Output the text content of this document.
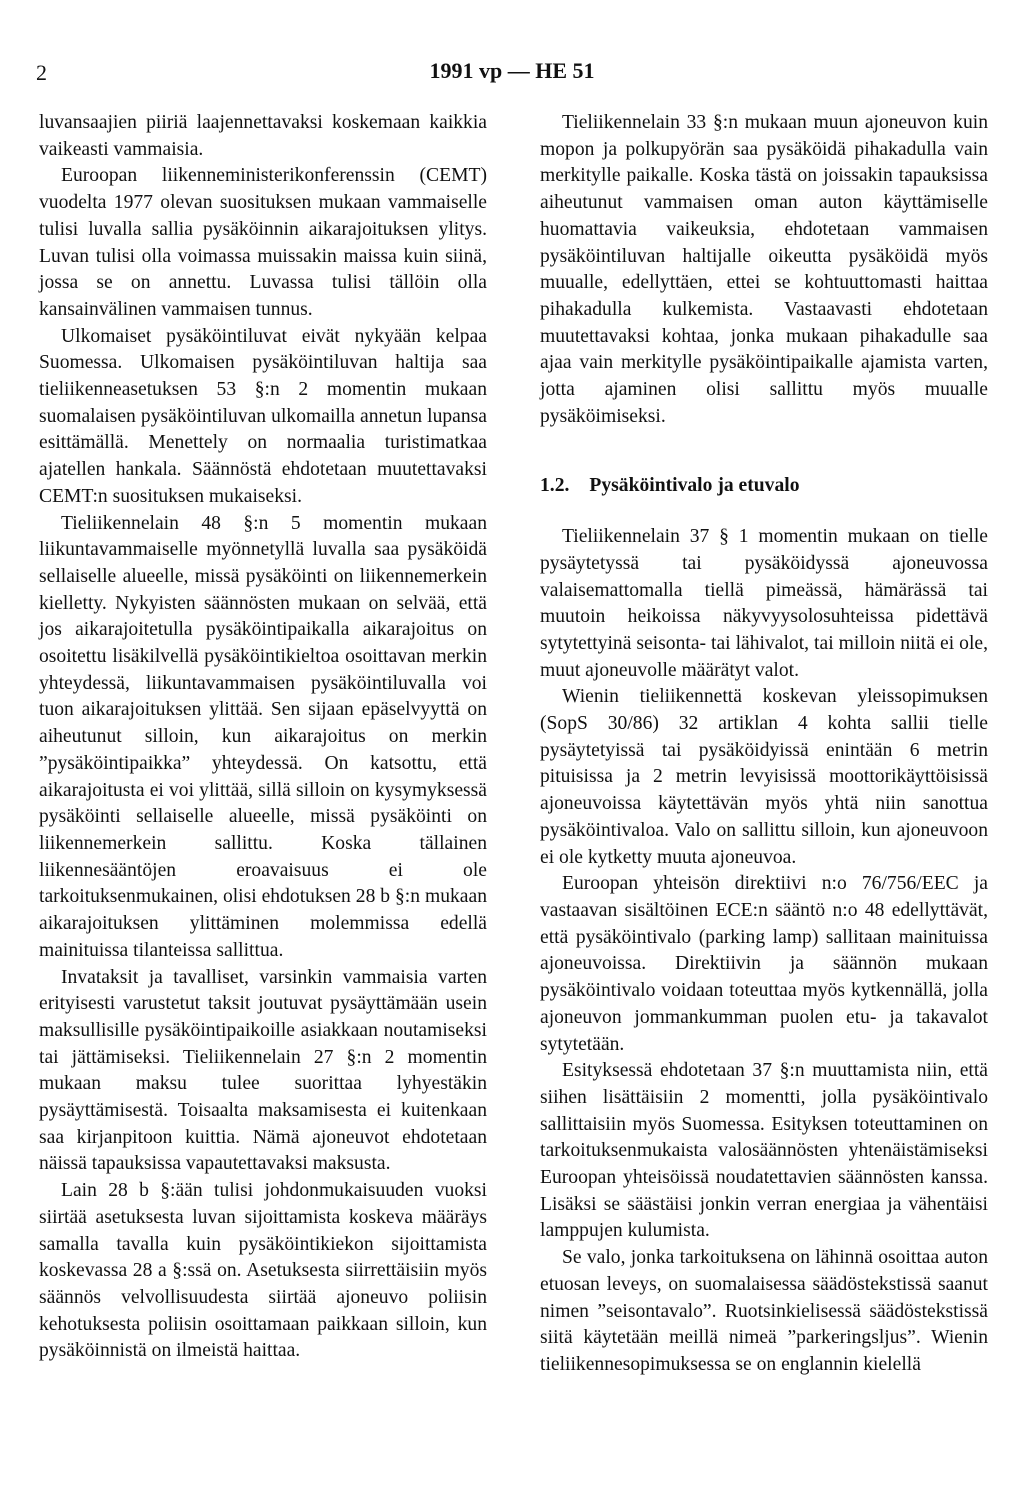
2	1991 vp — HE 51

luvansaajien piiriä laajennettavaksi koskemaan kaikkia vaikeasti vammaisia.

Euroopan liikenneministerikonferenssin (CEMT) vuodelta 1977 olevan suosituksen mukaan vammaiselle tulisi luvalla sallia pysäköinnin aikarajoituksen ylitys. Luvan tulisi olla voimassa muissakin maissa kuin siinä, jossa se on annettu. Luvassa tulisi tällöin olla kansainvälinen vammaisen tunnus.

Ulkomaiset pysäköintiluvat eivät nykyään kelpaa Suomessa. Ulkomaisen pysäköintiluvan haltija saa tieliikenneasetuksen 53 §:n 2 momentin mukaan suomalaisen pysäköintiluvan ulkomailla annetun lupansa esittämällä. Menettely on normaalia turistimatkaa ajatellen hankala. Säännöstä ehdotetaan muutettavaksi CEMT:n suosituksen mukaiseksi.

Tieliikennelain 48 §:n 5 momentin mukaan liikuntavammaiselle myönnetyllä luvalla saa pysäköidä sellaiselle alueelle, missä pysäköinti on liikennemerkein kielletty. Nykyisten säännösten mukaan on selvää, että jos aikarajoitetulla pysäköintipaikalla aikarajoitus on osoitettu lisäkilvellä pysäköintikieltoa osoittavan merkin yhteydessä, liikuntavammaisen pysäköintiluvalla voi tuon aikarajoituksen ylittää. Sen sijaan epäselvyyttä on aiheutunut silloin, kun aikarajoitus on merkin ”pysäköintipaikka” yhteydessä. On katsottu, että aikarajoitusta ei voi ylittää, sillä silloin on kysymyksessä pysäköinti sellaiselle alueelle, missä pysäköinti on liikennemerkein sallittu. Koska tällainen liikennesääntöjen eroavaisuus ei ole tarkoituksenmukainen, olisi ehdotuksen 28 b §:n mukaan aikarajoituksen ylittäminen molemmissa edellä mainituissa tilanteissa sallittua.

Invataksit ja tavalliset, varsinkin vammaisia varten erityisesti varustetut taksit joutuvat pysäyttämään usein maksullisille pysäköintipaikoille asiakkaan noutamiseksi tai jättämiseksi. Tieliikennelain 27 §:n 2 momentin mukaan maksu tulee suorittaa lyhyestäkin pysäyttämisestä. Toisaalta maksamisesta ei kuitenkaan saa kirjanpitoon kuittia. Nämä ajoneuvot ehdotetaan näissä tapauksissa vapautettavaksi maksusta.

Lain 28 b §:ään tulisi johdonmukaisuuden vuoksi siirtää asetuksesta luvan sijoittamista koskeva määräys samalla tavalla kuin pysäköintikiekon sijoittamista koskevassa 28 a §:ssä on. Asetuksesta siirrettäisiin myös säännös velvollisuudesta siirtää ajoneuvo poliisin kehotuksesta poliisin osoittamaan paikkaan silloin, kun pysäköinnistä on ilmeistä haittaa.

Tieliikennelain 33 §:n mukaan muun ajoneuvon kuin mopon ja polkupyörän saa pysäköidä pihakadulla vain merkitylle paikalle. Koska tästä on joissakin tapauksissa aiheutunut vammaisen oman auton käyttämiselle huomattavia vaikeuksia, ehdotetaan vammaisen pysäköintiluvan haltijalle oikeutta pysäköidä myös muualle, edellyttäen, ettei se kohtuuttomasti haittaa pihakadulla kulkemista. Vastaavasti ehdotetaan muutettavaksi kohtaa, jonka mukaan pihakadulle saa ajaa vain merkitylle pysäköintipaikalle ajamista varten, jotta ajaminen olisi sallittu myös muualle pysäköimiseksi.

1.2. Pysäköintivalo ja etuvalo

Tieliikennelain 37 § 1 momentin mukaan on tielle pysäytetyssä tai pysäköidyssä ajoneuvossa valaisemattomalla tiellä pimeässä, hämärässä tai muutoin heikoissa näkyvyysolosuhteissa pidettävä sytytettyinä seisonta- tai lähivalot, tai milloin niitä ei ole, muut ajoneuvolle määrätyt valot.

Wienin tieliikennettä koskevan yleissopimuksen (SopS 30/86) 32 artiklan 4 kohta sallii tielle pysäytetyissä tai pysäköidyissä enintään 6 metrin pituisissa ja 2 metrin levyisissä moottorikäyttöisissä ajoneuvoissa käytettävän myös yhtä niin sanottua pysäköintivaloa. Valo on sallittu silloin, kun ajoneuvoon ei ole kytketty muuta ajoneuvoa.

Euroopan yhteisön direktiivi n:o 76/756/EEC ja vastaavan sisältöinen ECE:n sääntö n:o 48 edellyttävät, että pysäköintivalo (parking lamp) sallitaan mainituissa ajoneuvoissa. Direktiivin ja säännön mukaan pysäköintivalo voidaan toteuttaa myös kytkennällä, jolla ajoneuvon jommankumman puolen etu- ja takavalot sytytetään.

Esityksessä ehdotetaan 37 §:n muuttamista niin, että siihen lisättäisiin 2 momentti, jolla pysäköintivalo sallittaisiin myös Suomessa. Esityksen toteuttaminen on tarkoituksenmukaista valosäännösten yhtenäistämiseksi Euroopan yhteisöissä noudatettavien säännösten kanssa. Lisäksi se säästäisi jonkin verran energiaa ja vähentäisi lamppujen kulumista.

Se valo, jonka tarkoituksena on lähinnä osoittaa auton etuosan leveys, on suomalaisessa säädöstekstissä saanut nimen ”seisontavalo”. Ruotsinkielisessä säädöstekstissä siitä käytetään meillä nimeä ”parkeringsljus”. Wienin tieliikennesopimuksessa se on englannin kielellä
